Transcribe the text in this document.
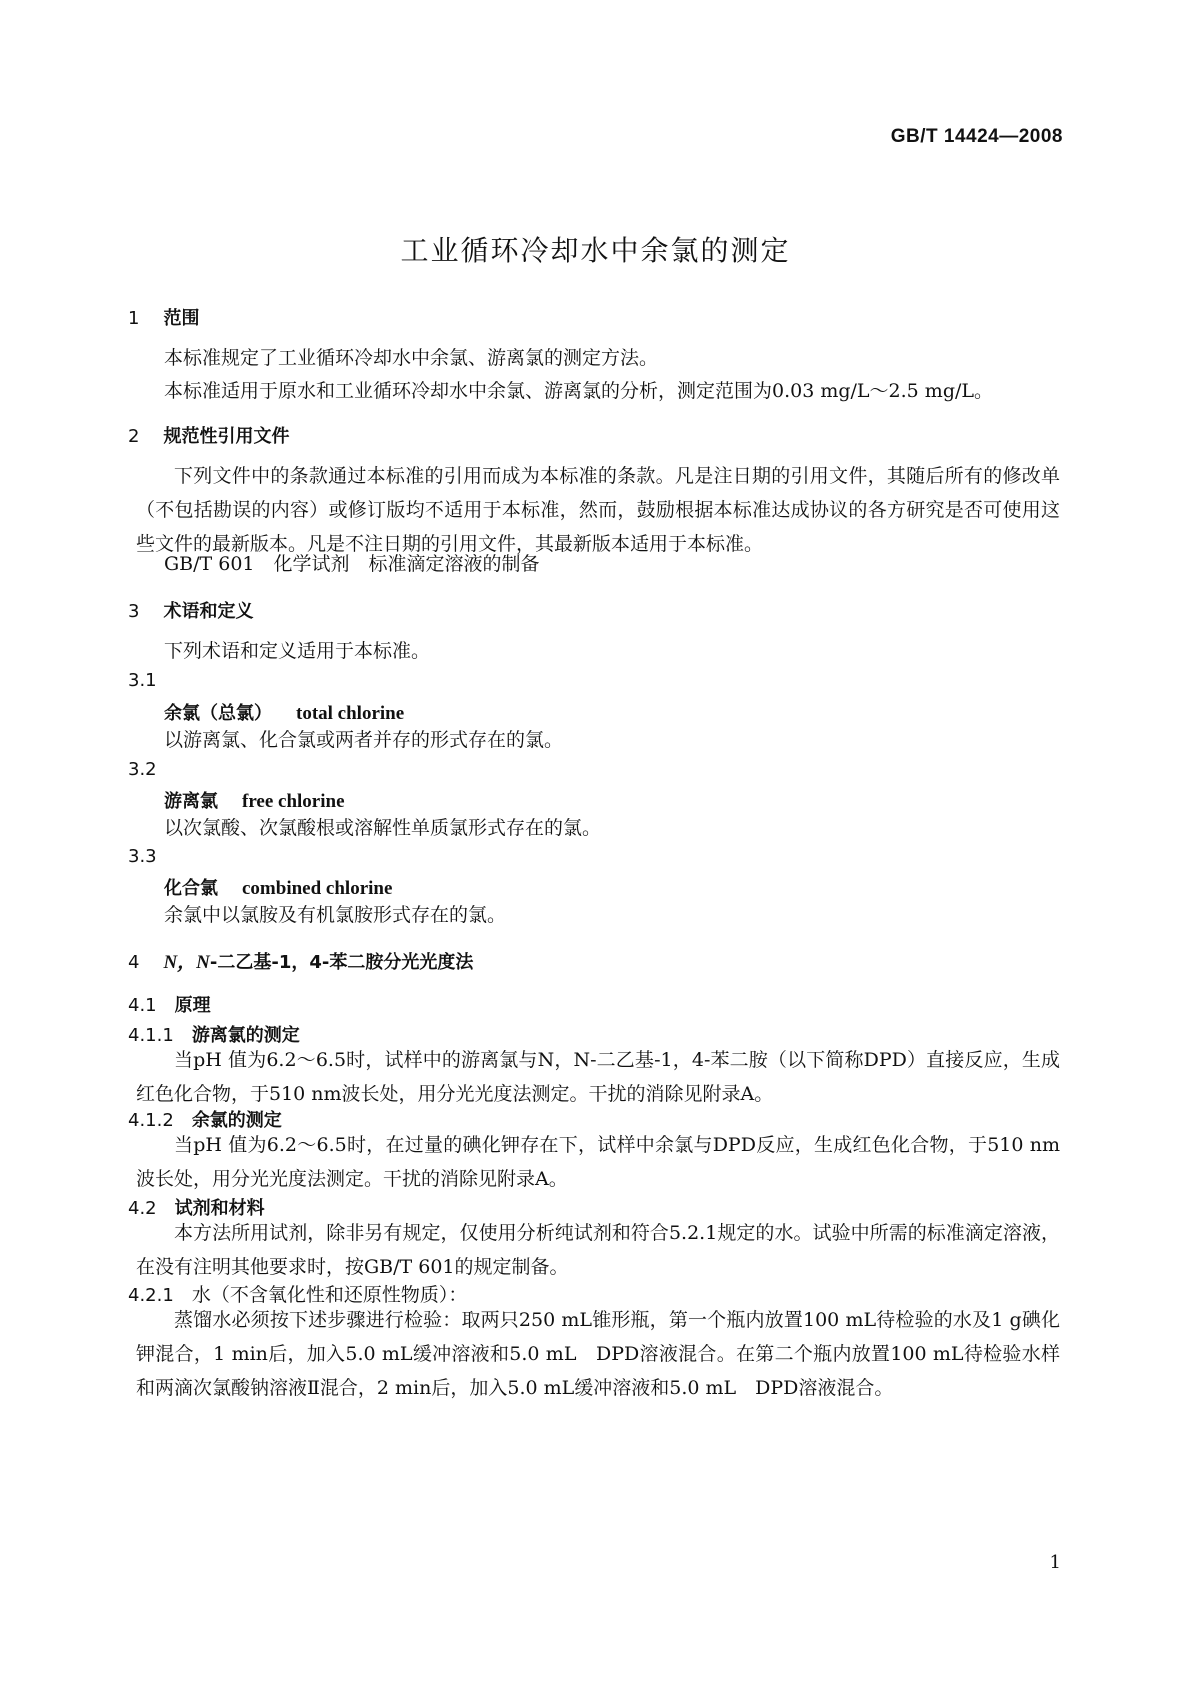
GB/T 14424—2008
工业循环冷却水中余氯的测定
1 范围
本标准规定了工业循环冷却水中余氯、游离氯的测定方法。
本标准适用于原水和工业循环冷却水中余氯、游离氯的分析，测定范围为0.03 mg/L～2.5 mg/L。
2 规范性引用文件
下列文件中的条款通过本标准的引用而成为本标准的条款。凡是注日期的引用文件，其随后所有的修改单（不包括勘误的内容）或修订版均不适用于本标准，然而，鼓励根据本标准达成协议的各方研究是否可使用这些文件的最新版本。凡是不注日期的引用文件，其最新版本适用于本标准。
GB/T 601　化学试剂　标准滴定溶液的制备
3 术语和定义
下列术语和定义适用于本标准。
3.1
余氯（总氯） total chlorine
以游离氯、化合氯或两者并存的形式存在的氯。
3.2
游离氯 free chlorine
以次氯酸、次氯酸根或溶解性单质氯形式存在的氯。
3.3
化合氯 combined chlorine
余氯中以氯胺及有机氯胺形式存在的氯。
4 N，N-二乙基-1，4-苯二胺分光光度法
4.1 原理
4.1.1 游离氯的测定
当pH 值为6.2～6.5时，试样中的游离氯与N，N-二乙基-1，4-苯二胺（以下简称DPD）直接反应，生成红色化合物，于510 nm波长处，用分光光度法测定。干扰的消除见附录A。
4.1.2 余氯的测定
当pH 值为6.2～6.5时，在过量的碘化钾存在下，试样中余氯与DPD反应，生成红色化合物，于510 nm波长处，用分光光度法测定。干扰的消除见附录A。
4.2 试剂和材料
本方法所用试剂，除非另有规定，仅使用分析纯试剂和符合5.2.1规定的水。试验中所需的标准滴定溶液，在没有注明其他要求时，按GB/T 601的规定制备。
4.2.1 水（不含氧化性和还原性物质）：
蒸馏水必须按下述步骤进行检验：取两只250 mL锥形瓶，第一个瓶内放置100 mL待检验的水及1 g碘化钾混合，1 min后，加入5.0 mL缓冲溶液和5.0 mL　DPD溶液混合。在第二个瓶内放置100 mL待检验水样和两滴次氯酸钠溶液Ⅱ混合，2 min后，加入5.0 mL缓冲溶液和5.0 mL　DPD溶液混合。
1
